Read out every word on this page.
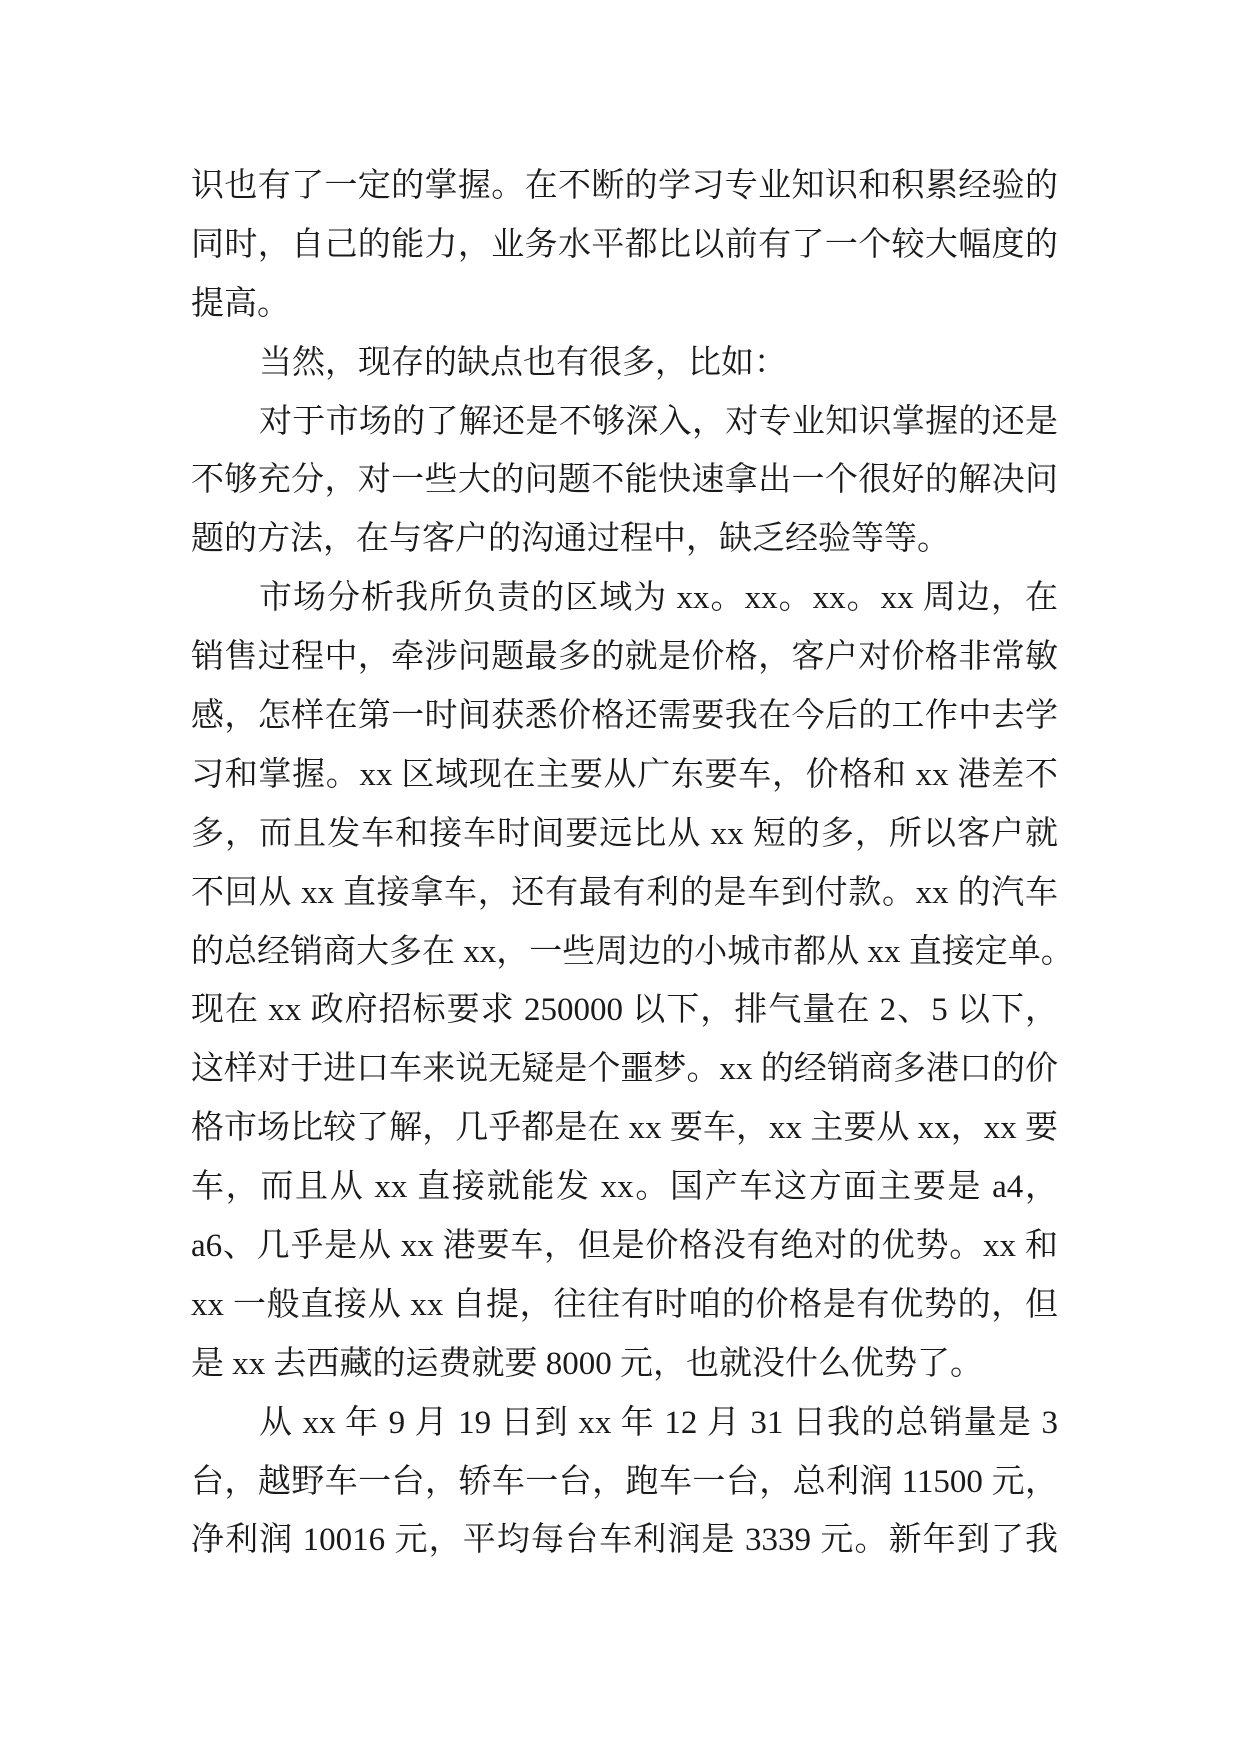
识也有了一定的掌握。在不断的学习专业知识和积累经验的
同时，自己的能力，业务水平都比以前有了一个较大幅度的
提高。
当然，现存的缺点也有很多，比如：
对于市场的了解还是不够深入，对专业知识掌握的还是
不够充分，对一些大的问题不能快速拿出一个很好的解决问
题的方法，在与客户的沟通过程中，缺乏经验等等。
市场分析我所负责的区域为 xx。xx。xx。xx 周边，在
销售过程中，牵涉问题最多的就是价格，客户对价格非常敏
感，怎样在第一时间获悉价格还需要我在今后的工作中去学
习和掌握。xx 区域现在主要从广东要车，价格和 xx 港差不
多，而且发车和接车时间要远比从 xx 短的多，所以客户就
不回从 xx 直接拿车，还有最有利的是车到付款。xx 的汽车
的总经销商大多在 xx，一些周边的小城市都从 xx 直接定单。
现在 xx 政府招标要求 250000 以下，排气量在 2、5 以下，
这样对于进口车来说无疑是个噩梦。xx 的经销商多港口的价
格市场比较了解，几乎都是在 xx 要车，xx 主要从 xx，xx 要
车，而且从 xx 直接就能发 xx。国产车这方面主要是 a4，
a6、几乎是从 xx 港要车，但是价格没有绝对的优势。xx 和
xx 一般直接从 xx 自提，往往有时咱的价格是有优势的，但
是 xx 去西藏的运费就要 8000 元，也就没什么优势了。
从 xx 年 9 月 19 日到 xx 年 12 月 31 日我的总销量是 3
台，越野车一台，轿车一台，跑车一台，总利润 11500 元，
净利润 10016 元，平均每台车利润是 3339 元。新年到了我
